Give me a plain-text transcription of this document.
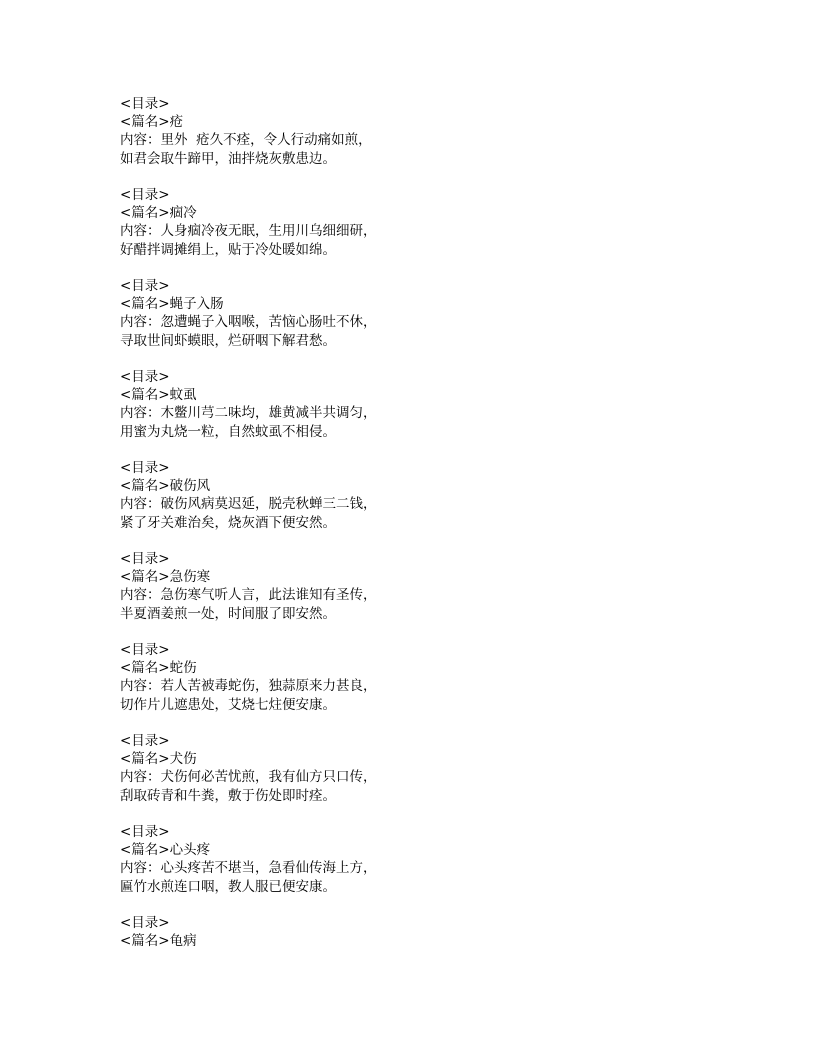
<目录>
<篇名>疮
内容：里外  疮久不痊，令人行动痛如煎，
如君会取牛蹄甲，油拌烧灰敷患边。
<目录>
<篇名>痼冷
内容：人身痼冷夜无眠，生用川乌细细研，
好醋拌调摊绢上，贴于冷处暖如绵。
<目录>
<篇名>蝇子入肠
内容：忽遭蝇子入咽喉，苦恼心肠吐不休，
寻取世间虾蟆眼，烂研咽下解君愁。
<目录>
<篇名>蚊虱
内容：木鳖川芎二味均，雄黄减半共调匀，
用蜜为丸烧一粒，自然蚊虱不相侵。
<目录>
<篇名>破伤风
内容：破伤风病莫迟延，脱壳秋蝉三二钱，
紧了牙关难治矣，烧灰酒下便安然。
<目录>
<篇名>急伤寒
内容：急伤寒气听人言，此法谁知有圣传，
半夏酒姜煎一处，时间服了即安然。
<目录>
<篇名>蛇伤
内容：若人苦被毒蛇伤，独蒜原来力甚良，
切作片儿遮患处，艾烧七炷便安康。
<目录>
<篇名>犬伤
内容：犬伤何必苦忧煎，我有仙方只口传，
刮取砖青和牛粪，敷于伤处即时痊。
<目录>
<篇名>心头疼
内容：心头疼苦不堪当，急看仙传海上方，
匾竹水煎连口咽，教人服已便安康。
<目录>
<篇名>龟病
